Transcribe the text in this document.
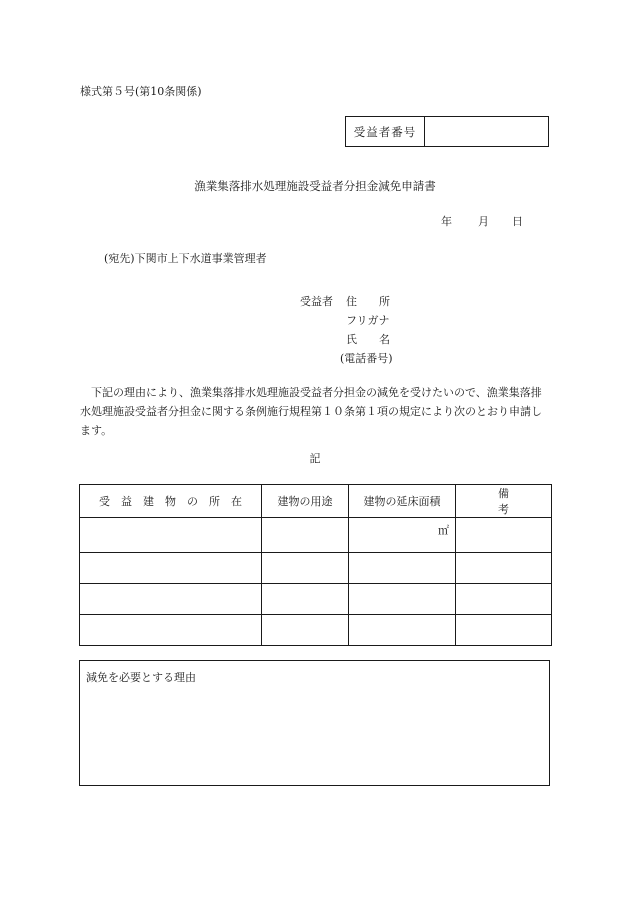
様式第５号(第10条関係)
受益者番号	
漁業集落排水処理施設受益者分担金減免申請書
年 月 日
(宛先)下関市上下水道事業管理者
受益者 住　　所
フリガナ
氏　　名
(電話番号)
下記の理由により、漁業集落排水処理施設受益者分担金の減免を受けたいので、漁業集落排水処理施設受益者分担金に関する条例施行規程第１０条第１項の規定により次のとおり申請します。
記
受　益　建　物　の　所　在	建物の用途	建物の延床面積	備　　　　　　考
		㎡	

減免を必要とする理由
